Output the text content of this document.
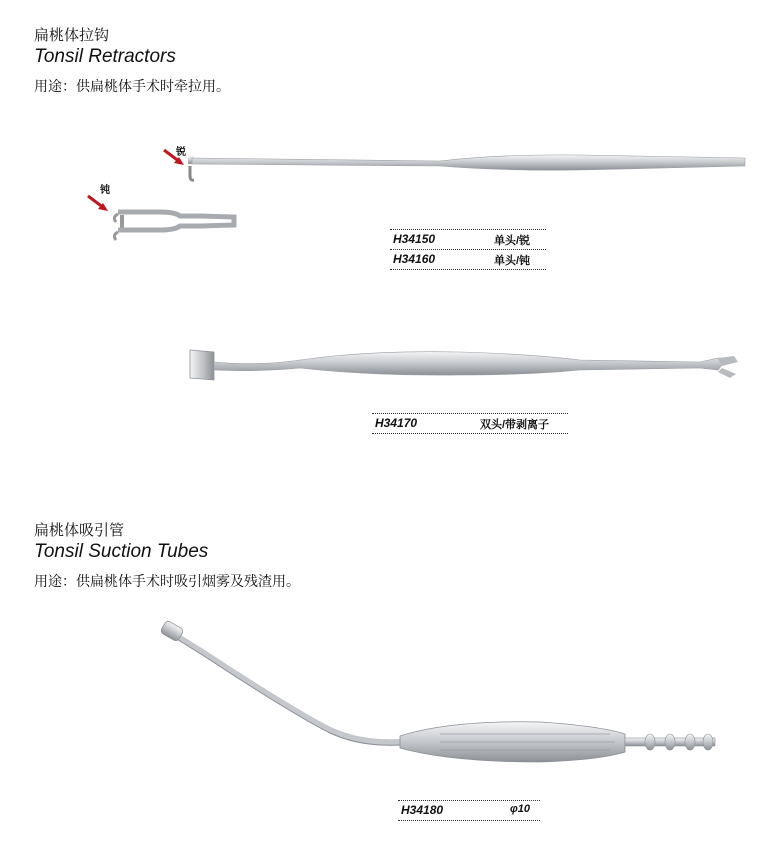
扁桃体拉钩
Tonsil Retractors
用途：供扁桃体手术时牵拉用。
锐
钝
H34150	单头/锐
H34160	单头/钝
H34170	双头/带剥离子
扁桃体吸引管
Tonsil Suction Tubes
用途：供扁桃体手术时吸引烟雾及残渣用。
H34180	φ10
